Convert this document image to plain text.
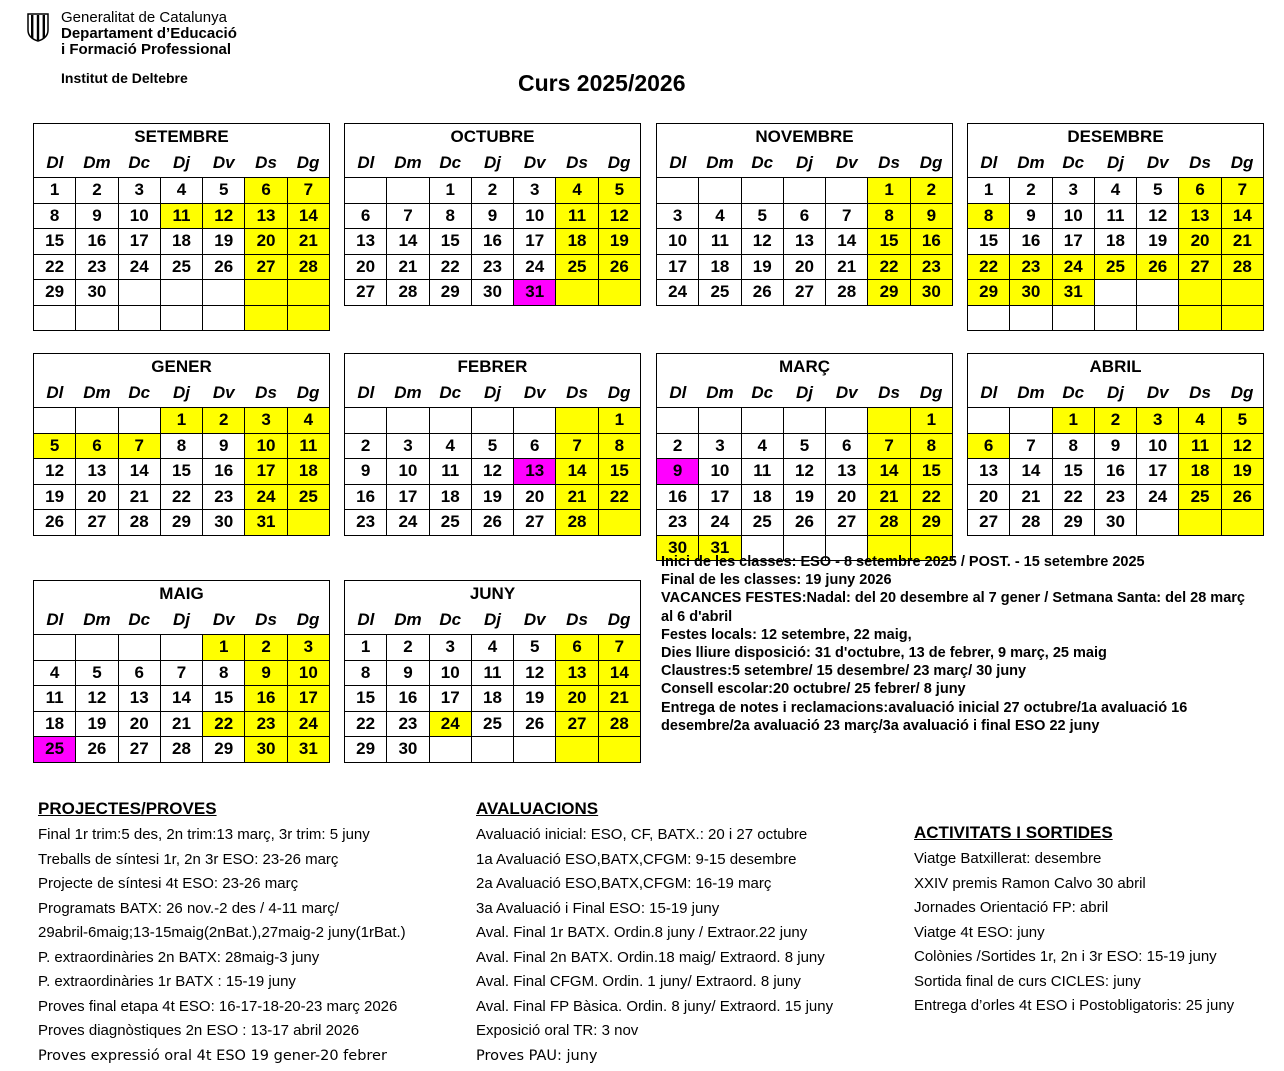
Generalitat de Catalunya
Departament d’Educació
i Formació Professional
Institut de Deltebre	Curs 2025/2026
SETEMBRE						
Dl	Dm	Dc	Dj	Dv	Ds	Dg
1	2	3	4	5	6	7
8	9	10	11	12	13	14
15	16	17	18	19	20	21
22	23	24	25	26	27	28
29	30					

OCTUBRE						
Dl	Dm	Dc	Dj	Dv	Ds	Dg
		1	2	3	4	5
6	7	8	9	10	11	12
13	14	15	16	17	18	19
20	21	22	23	24	25	26
27	28	29	30	31		
NOVEMBRE						
Dl	Dm	Dc	Dj	Dv	Ds	Dg
					1	2
3	4	5	6	7	8	9
10	11	12	13	14	15	16
17	18	19	20	21	22	23
24	25	26	27	28	29	30
DESEMBRE						
Dl	Dm	Dc	Dj	Dv	Ds	Dg
1	2	3	4	5	6	7
8	9	10	11	12	13	14
15	16	17	18	19	20	21
22	23	24	25	26	27	28
29	30	31				

GENER						
Dl	Dm	Dc	Dj	Dv	Ds	Dg
			1	2	3	4
5	6	7	8	9	10	11
12	13	14	15	16	17	18
19	20	21	22	23	24	25
26	27	28	29	30	31	
FEBRER						
Dl	Dm	Dc	Dj	Dv	Ds	Dg
						1
2	3	4	5	6	7	8
9	10	11	12	13	14	15
16	17	18	19	20	21	22
23	24	25	26	27	28	
MARÇ						
Dl	Dm	Dc	Dj	Dv	Ds	Dg
						1
2	3	4	5	6	7	8
9	10	11	12	13	14	15
16	17	18	19	20	21	22
23	24	25	26	27	28	29
30	31					
ABRIL						
Dl	Dm	Dc	Dj	Dv	Ds	Dg
		1	2	3	4	5
6	7	8	9	10	11	12
13	14	15	16	17	18	19
20	21	22	23	24	25	26
27	28	29	30			
MAIG						
Dl	Dm	Dc	Dj	Dv	Ds	Dg
				1	2	3
4	5	6	7	8	9	10
11	12	13	14	15	16	17
18	19	20	21	22	23	24
25	26	27	28	29	30	31
JUNY						
Dl	Dm	Dc	Dj	Dv	Ds	Dg
1	2	3	4	5	6	7
8	9	10	11	12	13	14
15	16	17	18	19	20	21
22	23	24	25	26	27	28
29	30					
Inici de les classes: ESO - 8 setembre 2025 / POST. - 15 setembre 2025
Final de les classes: 19 juny 2026
VACANCES FESTES:Nadal: del 20 desembre al 7 gener / Setmana Santa: del 28 març al 6 d'abril
Festes locals: 12 setembre, 22 maig,
Dies lliure disposició: 31 d'octubre, 13 de febrer, 9 març, 25 maig
Claustres:5 setembre/ 15 desembre/ 23 març/ 30 juny
Consell escolar:20 octubre/ 25 febrer/ 8 juny
Entrega de notes i reclamacions:avaluació inicial 27 octubre/1a avaluació 16 desembre/2a avaluació 23 març/3a avaluació i final ESO 22 juny
PROJECTES/PROVES
Final 1r trim:5 des, 2n trim:13 març, 3r trim: 5 juny
Treballs de síntesi 1r, 2n 3r ESO: 23-26 març
Projecte de síntesi 4t ESO: 23-26 març
Programats BATX: 26 nov.-2 des / 4-11 març/
29abril-6maig;13-15maig(2nBat.),27maig-2 juny(1rBat.)
P. extraordinàries 2n BATX: 28maig-3 juny
P. extraordinàries 1r BATX : 15-19 juny
Proves final etapa 4t ESO: 16-17-18-20-23 març 2026
Proves diagnòstiques 2n ESO : 13-17 abril 2026
Proves expressió oral 4t ESO 19 gener-20 febrer
AVALUACIONS
Avaluació inicial: ESO, CF, BATX.: 20 i 27 octubre
1a Avaluació ESO,BATX,CFGM: 9-15 desembre
2a Avaluació ESO,BATX,CFGM: 16-19 març
3a Avaluació i Final ESO: 15-19 juny
Aval. Final 1r BATX. Ordin.8 juny / Extraor.22 juny
Aval. Final 2n BATX. Ordin.18 maig/ Extraord. 8 juny
Aval. Final CFGM. Ordin. 1 juny/ Extraord. 8 juny
Aval. Final FP Bàsica. Ordin. 8 juny/ Extraord. 15 juny
Exposició oral TR: 3 nov
Proves PAU: juny
ACTIVITATS I SORTIDES
Viatge Batxillerat: desembre
XXIV premis Ramon Calvo 30 abril
Jornades Orientació FP: abril
Viatge 4t ESO: juny
Colònies /Sortides 1r, 2n i 3r ESO: 15-19 juny
Sortida final de curs CICLES: juny
Entrega d’orles 4t ESO i Postobligatoris: 25 juny
